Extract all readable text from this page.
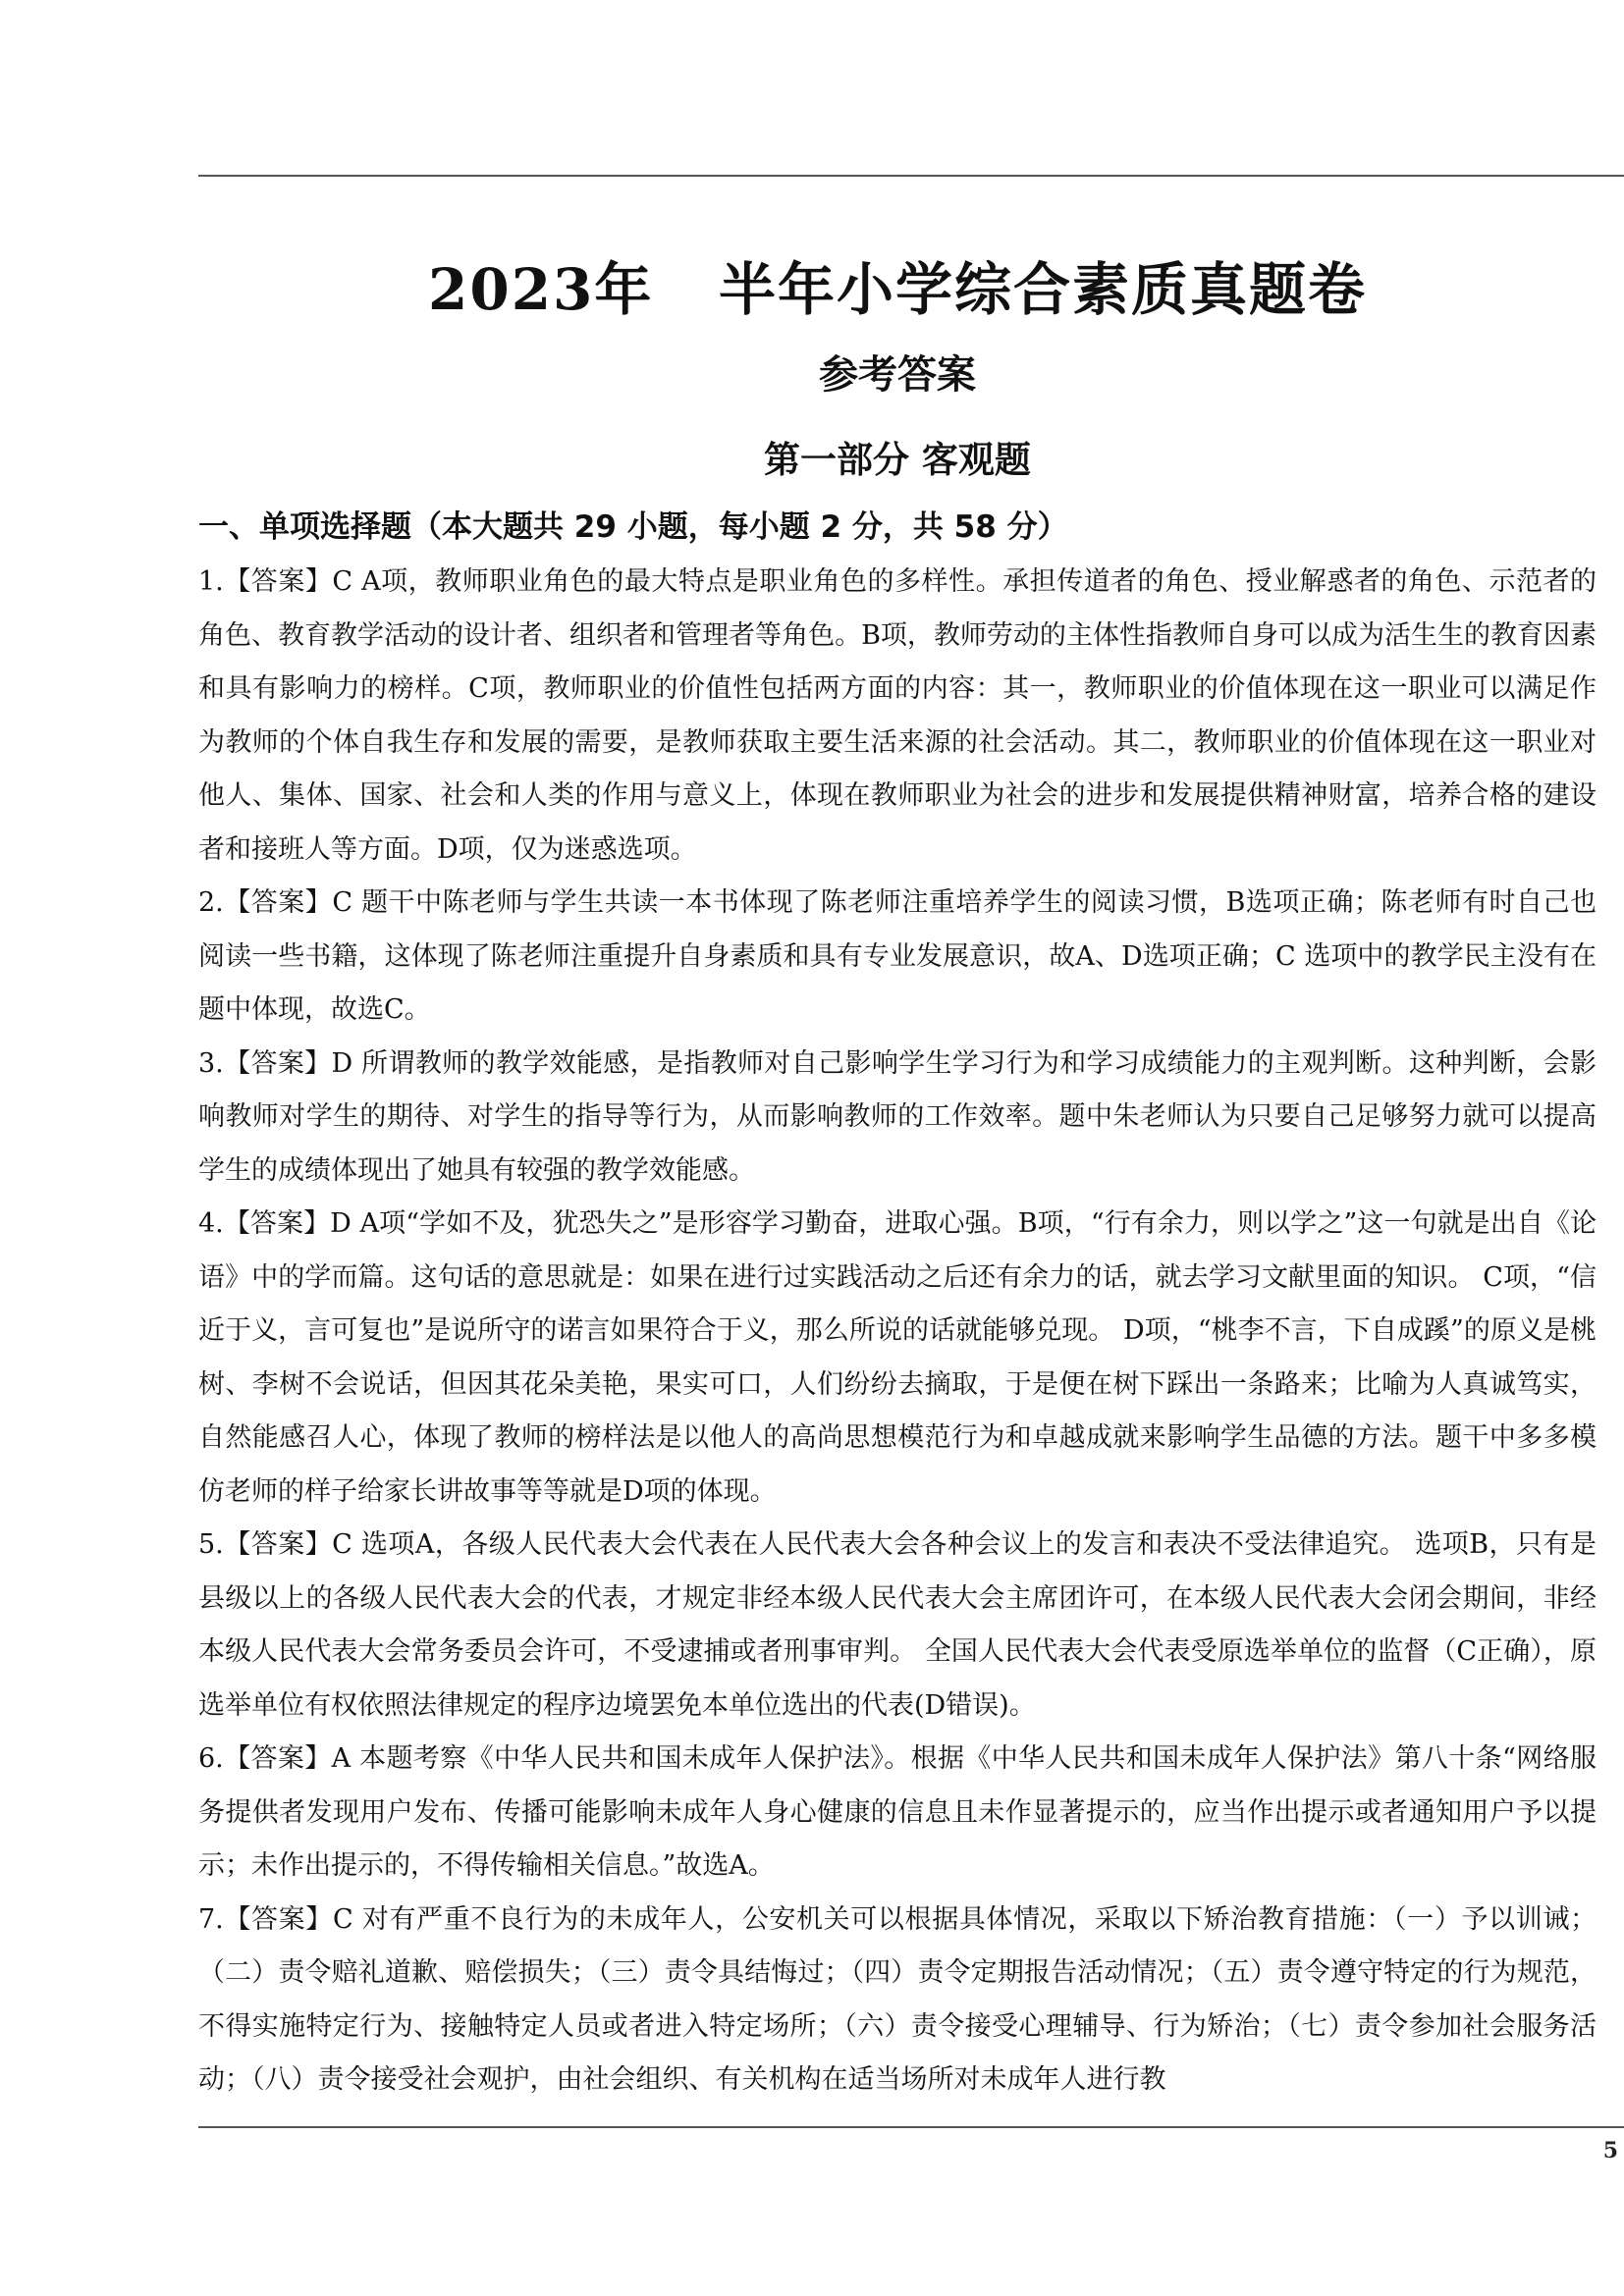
2023年   半年小学综合素质真题卷
参考答案
第一部分 客观题
一、单项选择题（本大题共 29 小题，每小题 2 分，共 58 分）

1.【答案】C A项，教师职业角色的最大特点是职业角色的多样性。承担传道者的角色、授业解惑者的角色、示范者的角色、教育教学活动的设计者、组织者和管理者等角色。B项，教师劳动的主体性指教师自身可以成为活生生的教育因素和具有影响力的榜样。C项，教师职业的价值性包括两方面的内容：其一，教师职业的价值体现在这一职业可以满足作为教师的个体自我生存和发展的需要，是教师获取主要生活来源的社会活动。其二，教师职业的价值体现在这一职业对他人、集体、国家、社会和人类的作用与意义上，体现在教师职业为社会的进步和发展提供精神财富，培养合格的建设者和接班人等方面。D项，仅为迷惑选项。

2.【答案】C 题干中陈老师与学生共读一本书体现了陈老师注重培养学生的阅读习惯，B选项正确；陈老师有时自己也阅读一些书籍，这体现了陈老师注重提升自身素质和具有专业发展意识，故A、D选项正确；C 选项中的教学民主没有在题中体现，故选C。

3.【答案】D 所谓教师的教学效能感，是指教师对自己影响学生学习行为和学习成绩能力的主观判断。这种判断，会影响教师对学生的期待、对学生的指导等行为，从而影响教师的工作效率。题中朱老师认为只要自己足够努力就可以提高学生的成绩体现出了她具有较强的教学效能感。

4.【答案】D A项“学如不及，犹恐失之”是形容学习勤奋，进取心强。B项，“行有余力，则以学之”这一句就是出自《论语》中的学而篇。这句话的意思就是：如果在进行过实践活动之后还有余力的话，就去学习文献里面的知识。 C项，“信近于义，言可复也”是说所守的诺言如果符合于义，那么所说的话就能够兑现。 D项，“桃李不言，下自成蹊”的原义是桃树、李树不会说话，但因其花朵美艳，果实可口，人们纷纷去摘取，于是便在树下踩出一条路来；比喻为人真诚笃实，自然能感召人心，体现了教师的榜样法是以他人的高尚思想模范行为和卓越成就来影响学生品德的方法。题干中多多模仿老师的样子给家长讲故事等等就是D项的体现。

5.【答案】C 选项A，各级人民代表大会代表在人民代表大会各种会议上的发言和表决不受法律追究。 选项B，只有是县级以上的各级人民代表大会的代表，才规定非经本级人民代表大会主席团许可，在本级人民代表大会闭会期间，非经本级人民代表大会常务委员会许可，不受逮捕或者刑事审判。 全国人民代表大会代表受原选举单位的监督（C正确），原选举单位有权依照法律规定的程序边境罢免本单位选出的代表(D错误)。

6.【答案】A 本题考察《中华人民共和国未成年人保护法》。根据《中华人民共和国未成年人保护法》第八十条“网络服务提供者发现用户发布、传播可能影响未成年人身心健康的信息且未作显著提示的，应当作出提示或者通知用户予以提示；未作出提示的，不得传输相关信息。”故选A。

7.【答案】C 对有严重不良行为的未成年人，公安机关可以根据具体情况，采取以下矫治教育措施：（一）予以训诫；（二）责令赔礼道歉、赔偿损失；（三）责令具结悔过；（四）责令定期报告活动情况；（五）责令遵守特定的行为规范，不得实施特定行为、接触特定人员或者进入特定场所；（六）责令接受心理辅导、行为矫治；（七）责令参加社会服务活动；（八）责令接受社会观护，由社会组织、有关机构在适当场所对未成年人进行教

5
